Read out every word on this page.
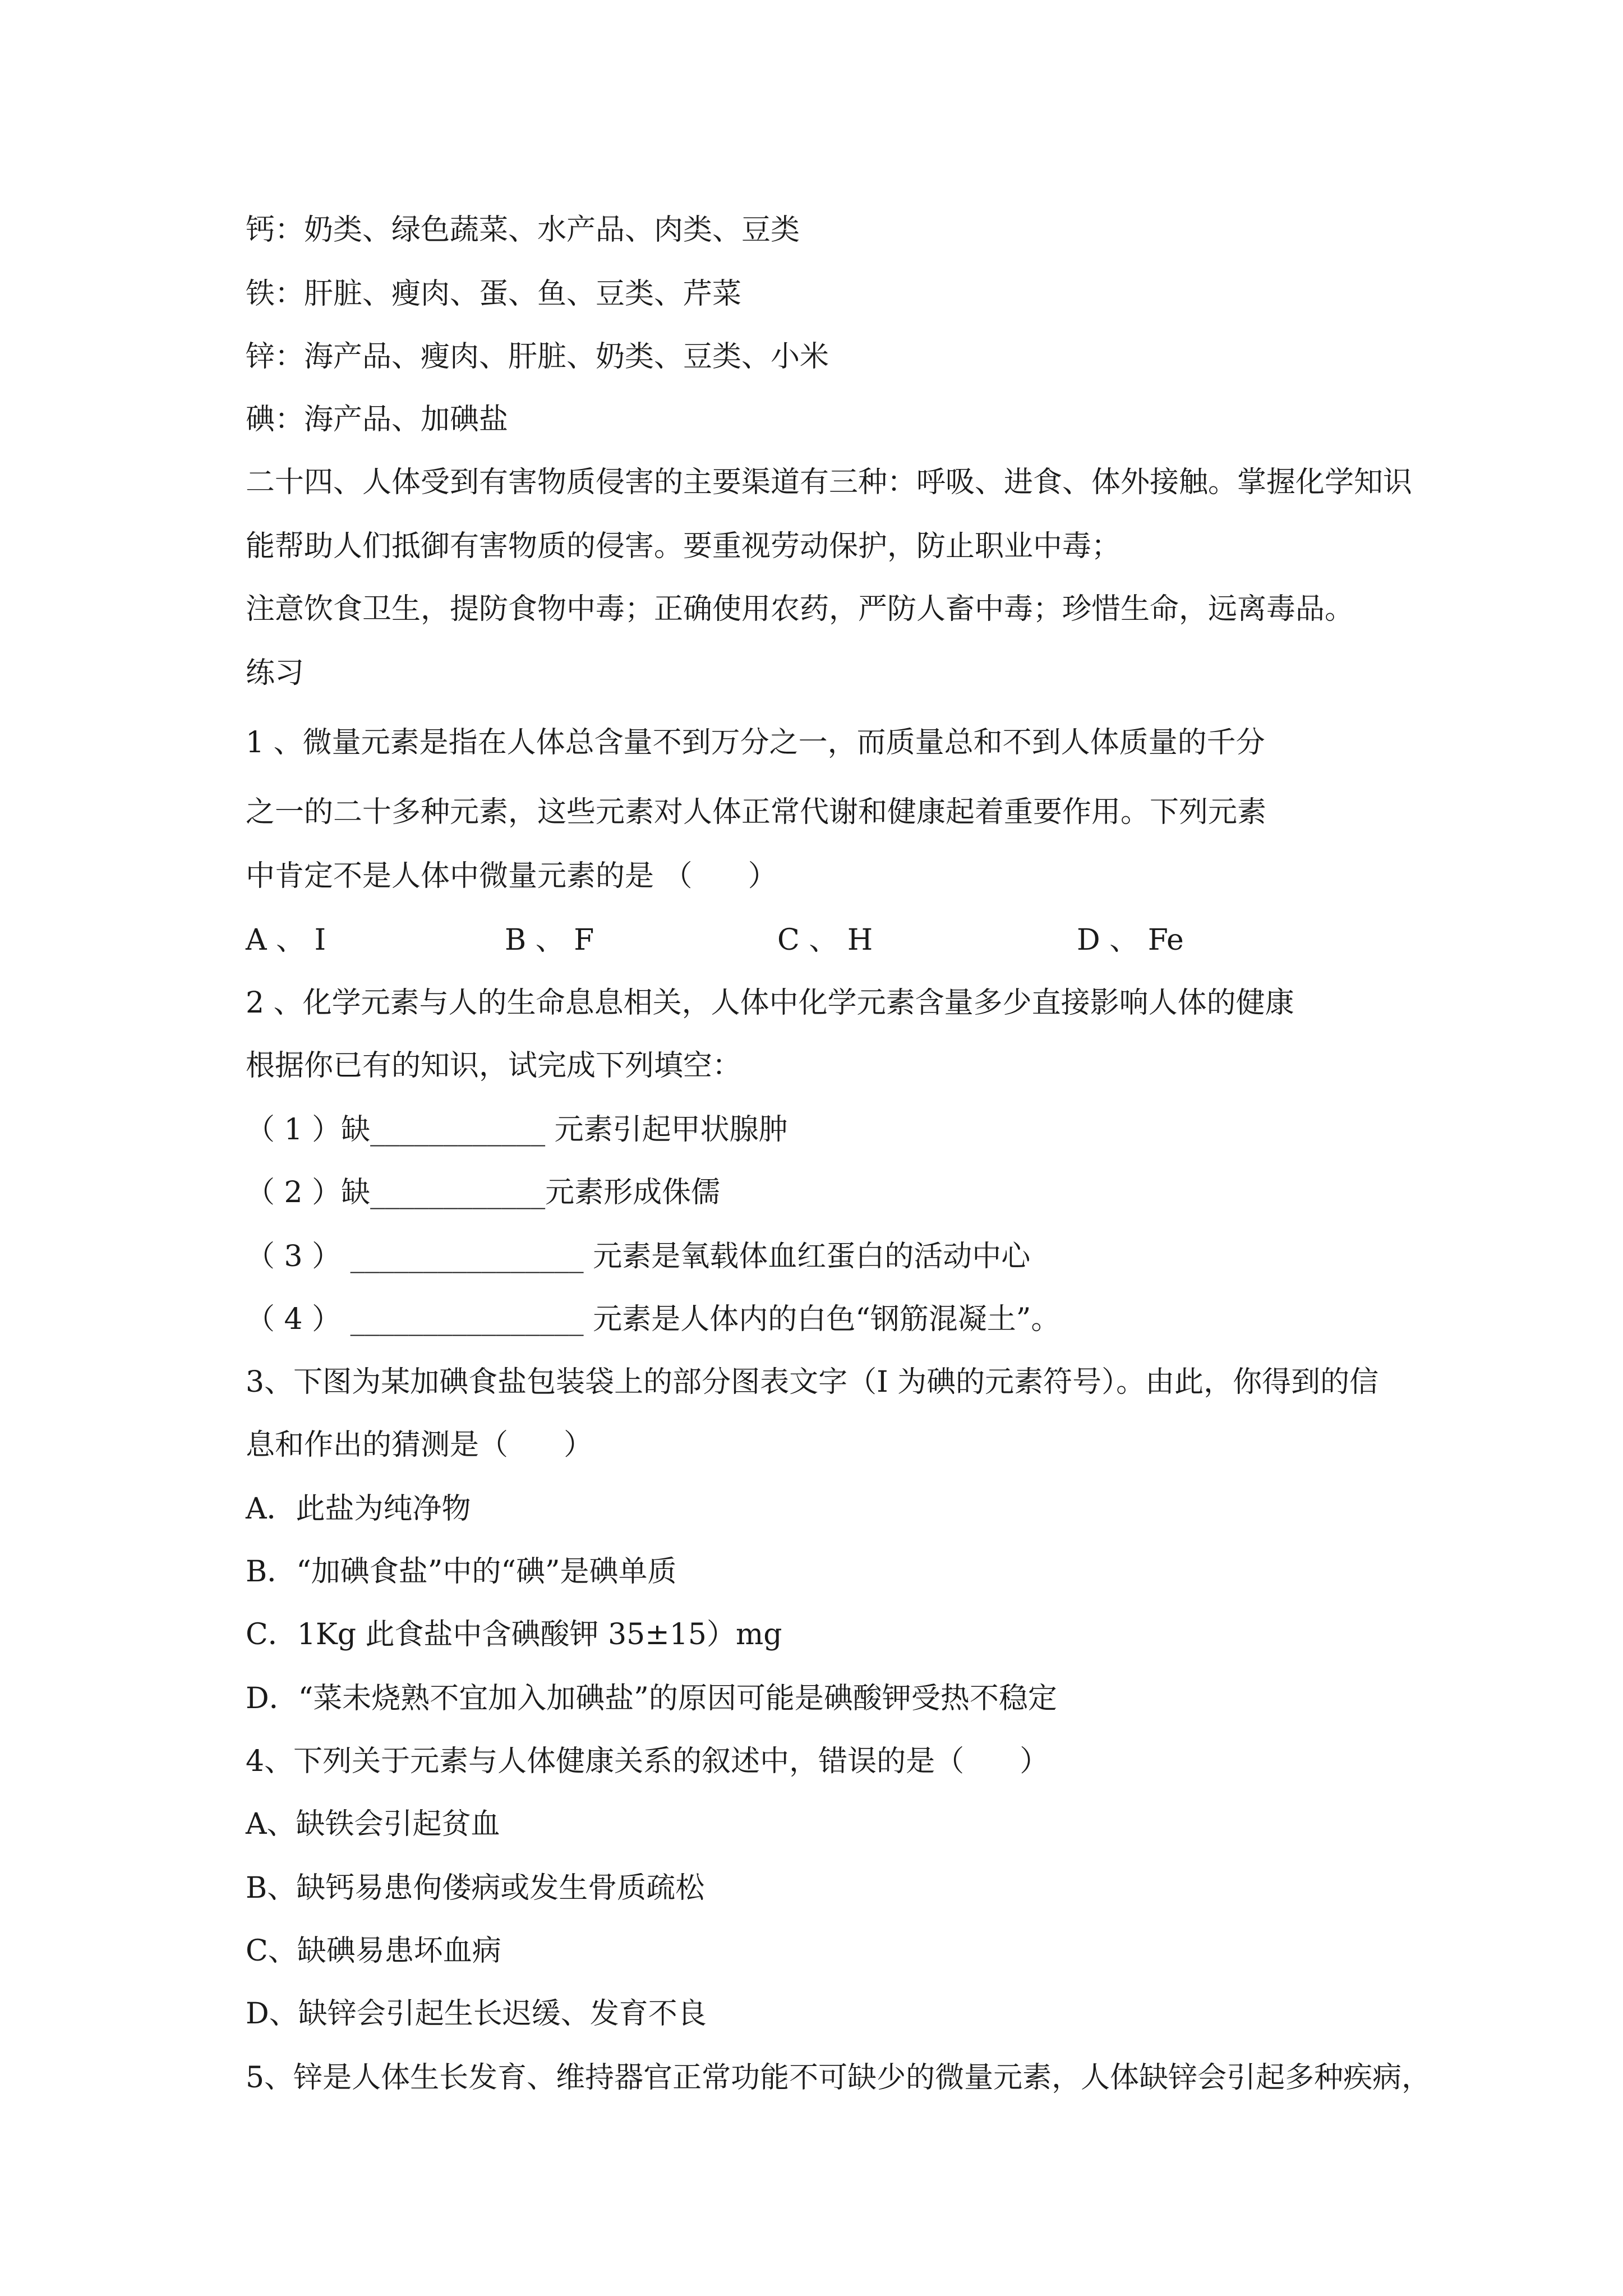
钙：奶类、绿色蔬菜、水产品、肉类、豆类
铁：肝脏、瘦肉、蛋、鱼、豆类、芹菜
锌：海产品、瘦肉、肝脏、奶类、豆类、小米
碘：海产品、加碘盐
二十四、人体受到有害物质侵害的主要渠道有三种：呼吸、进食、体外接触。掌握化学知识
能帮助人们抵御有害物质的侵害。要重视劳动保护，防止职业中毒；
注意饮食卫生，提防食物中毒；正确使用农药，严防人畜中毒；珍惜生命，远离毒品。
练习
1 、微量元素是指在人体总含量不到万分之一，而质量总和不到人体质量的千分
之一的二十多种元素，这些元素对人体正常代谢和健康起着重要作用。下列元素
中肯定不是人体中微量元素的是 （      ）
A 、 I	B 、 F	C 、 H	D 、 Fe
2 、化学元素与人的生命息息相关，人体中化学元素含量多少直接影响人体的健康
根据你已有的知识，试完成下列填空：
（ 1 ）缺____________ 元素引起甲状腺肿
（ 2 ）缺____________元素形成侏儒
（ 3 ） ________________ 元素是氧载体血红蛋白的活动中心
（ 4 ） ________________ 元素是人体内的白色“钢筋混凝土”。
3、下图为某加碘食盐包装袋上的部分图表文字（I 为碘的元素符号）。由此，你得到的信
息和作出的猜测是（      ）
A．此盐为纯净物
B．“加碘食盐”中的“碘”是碘单质
C．1Kg 此食盐中含碘酸钾 35±15）mg
D．“菜未烧熟不宜加入加碘盐”的原因可能是碘酸钾受热不稳定
4、下列关于元素与人体健康关系的叙述中，错误的是（      ）
A、缺铁会引起贫血
B、缺钙易患佝偻病或发生骨质疏松
C、缺碘易患坏血病
D、缺锌会引起生长迟缓、发育不良
5、锌是人体生长发育、维持器官正常功能不可缺少的微量元素，人体缺锌会引起多种疾病，
